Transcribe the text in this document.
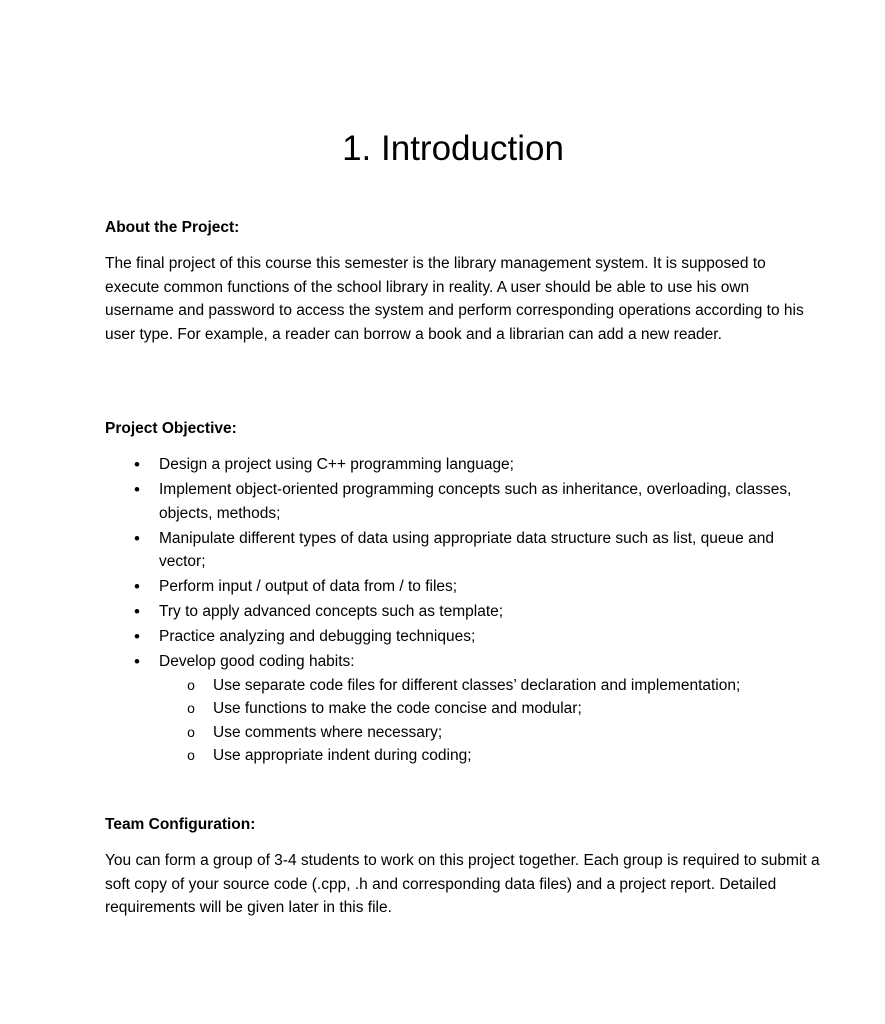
1. Introduction

About the Project:

The final project of this course this semester is the library management system. It is supposed to execute common functions of the school library in reality. A user should be able to use his own username and password to access the system and perform corresponding operations according to his user type. For example, a reader can borrow a book and a librarian can add a new reader.

Project Objective:

•	Design a project using C++ programming language;
•	Implement object-oriented programming concepts such as inheritance, overloading, classes, objects, methods;
•	Manipulate different types of data using appropriate data structure such as list, queue and vector;
•	Perform input / output of data from / to files;
•	Try to apply advanced concepts such as template;
•	Practice analyzing and debugging techniques;
•	Develop good coding habits:
o Use separate code files for different classes’ declaration and implementation;
o Use functions to make the code concise and modular;
o Use comments where necessary;
o Use appropriate indent during coding;

Team Configuration:

You can form a group of 3-4 students to work on this project together. Each group is required to submit a soft copy of your source code (.cpp, .h and corresponding data files) and a project report. Detailed requirements will be given later in this file.
